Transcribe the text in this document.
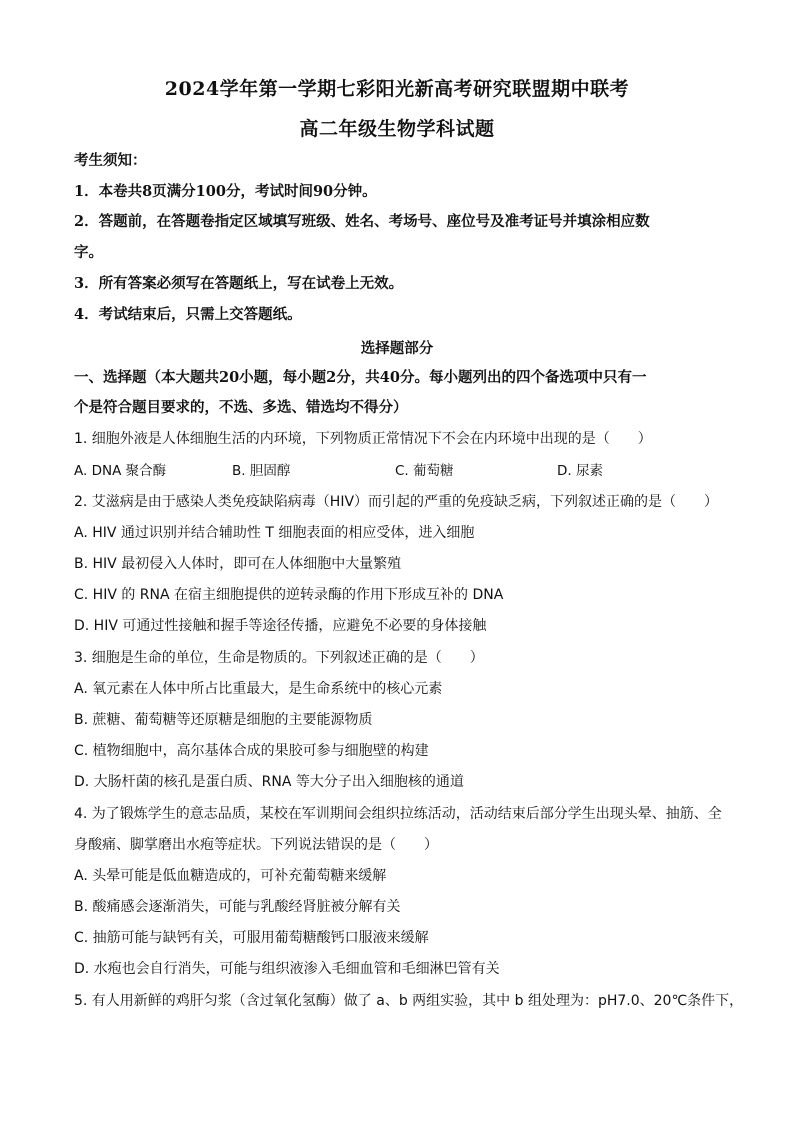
2024学年第一学期七彩阳光新高考研究联盟期中联考
高二年级生物学科试题
考生须知：
1．本卷共8页满分100分，考试时间90分钟。
2．答题前，在答题卷指定区域填写班级、姓名、考场号、座位号及准考证号并填涂相应数
字。
3．所有答案必须写在答题纸上，写在试卷上无效。
4．考试结束后，只需上交答题纸。
选择题部分
一、选择题（本大题共20小题，每小题2分，共40分。每小题列出的四个备选项中只有一
个是符合题目要求的，不选、多选、错选均不得分）
1. 细胞外液是人体细胞生活的内环境，下列物质正常情况下不会在内环境中出现的是（　　）
A. DNA 聚合酶	B. 胆固醇	C. 葡萄糖	D. 尿素
2. 艾滋病是由于感染人类免疫缺陷病毒（HIV）而引起的严重的免疫缺乏病，下列叙述正确的是（　　）
A. HIV 通过识别并结合辅助性 T 细胞表面的相应受体，进入细胞
B. HIV 最初侵入人体时，即可在人体细胞中大量繁殖
C. HIV 的 RNA 在宿主细胞提供的逆转录酶的作用下形成互补的 DNA
D. HIV 可通过性接触和握手等途径传播，应避免不必要的身体接触
3. 细胞是生命的单位，生命是物质的。下列叙述正确的是（　　）
A. 氧元素在人体中所占比重最大，是生命系统中的核心元素
B. 蔗糖、葡萄糖等还原糖是细胞的主要能源物质
C. 植物细胞中，高尔基体合成的果胶可参与细胞壁的构建
D. 大肠杆菌的核孔是蛋白质、RNA 等大分子出入细胞核的通道
4. 为了锻炼学生的意志品质，某校在军训期间会组织拉练活动，活动结束后部分学生出现头晕、抽筋、全
身酸痛、脚掌磨出水疱等症状。下列说法错误的是（　　）
A. 头晕可能是低血糖造成的，可补充葡萄糖来缓解
B. 酸痛感会逐渐消失，可能与乳酸经肾脏被分解有关
C. 抽筋可能与缺钙有关，可服用葡萄糖酸钙口服液来缓解
D. 水疱也会自行消失，可能与组织液渗入毛细血管和毛细淋巴管有关
5. 有人用新鲜的鸡肝匀浆（含过氧化氢酶）做了 a、b 两组实验，其中 b 组处理为：pH7.0、20℃条件下，
